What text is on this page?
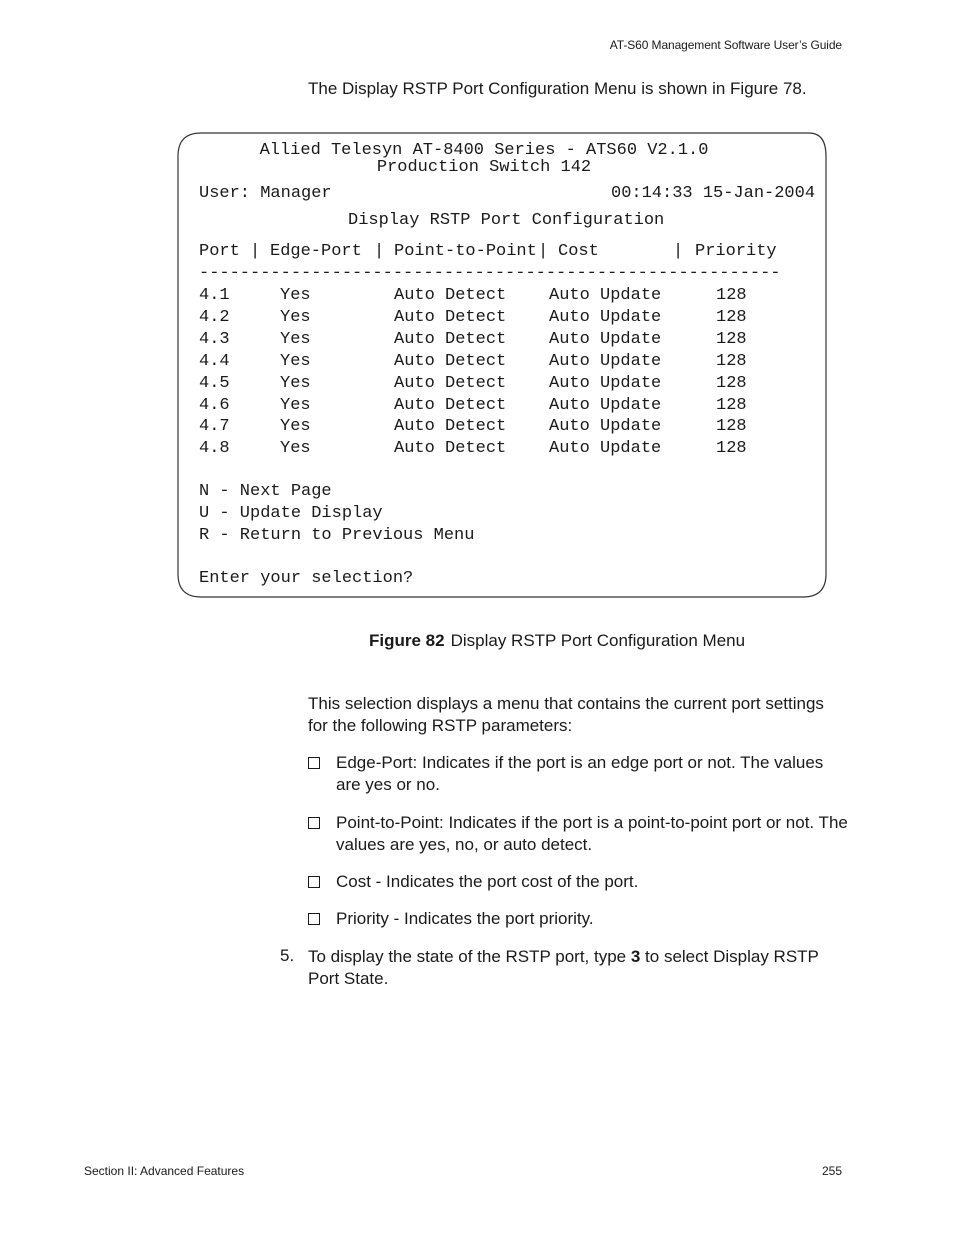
AT-S60 Management Software User’s Guide
The Display RSTP Port Configuration Menu is shown in Figure 78.
Allied Telesyn AT-8400 Series - ATS60 V2.1.0
Production Switch 142
User: Manager	00:14:33 15-Jan-2004
Display RSTP Port Configuration
Port | Edge-Port | Point-to-Point | Cost	| Priority
---------------------------------------------------------
4.1	Yes	Auto Detect	Auto Update	128
4.2	Yes	Auto Detect	Auto Update	128
4.3	Yes	Auto Detect	Auto Update	128
4.4	Yes	Auto Detect	Auto Update	128
4.5	Yes	Auto Detect	Auto Update	128
4.6	Yes	Auto Detect	Auto Update	128
4.7	Yes	Auto Detect	Auto Update	128
4.8	Yes	Auto Detect	Auto Update	128
N - Next Page
U - Update Display
R - Return to Previous Menu
Enter your selection?
Figure 82 Display RSTP Port Configuration Menu
This selection displays a menu that contains the current port settings for the following RSTP parameters:
Edge-Port: Indicates if the port is an edge port or not. The values are yes or no.
Point-to-Point: Indicates if the port is a point-to-point port or not. The values are yes, no, or auto detect.
Cost - Indicates the port cost of the port.
Priority - Indicates the port priority.
5. To display the state of the RSTP port, type 3 to select Display RSTP Port State.
Section II: Advanced Features	255
